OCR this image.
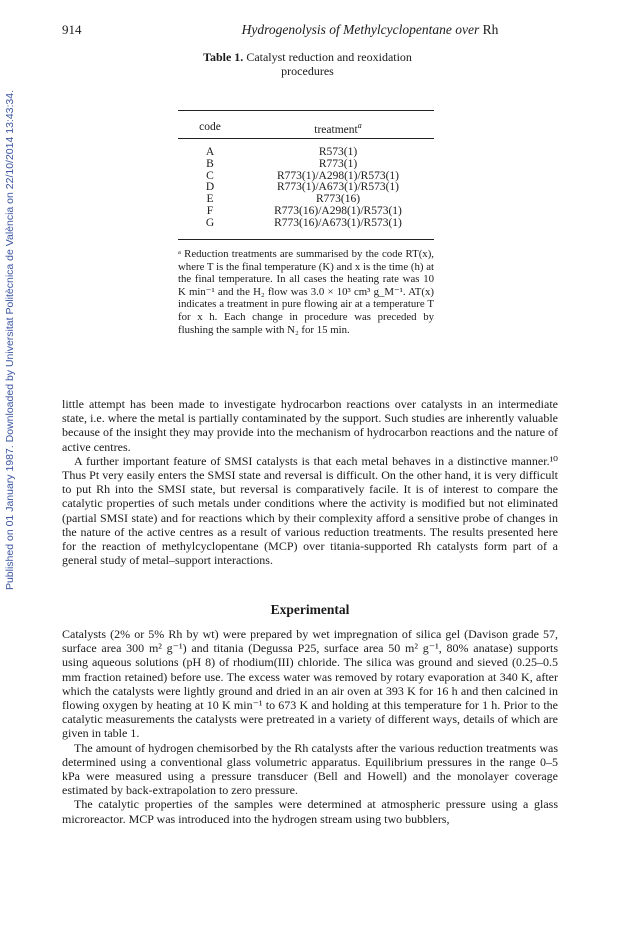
Published on 01 January 1987. Downloaded by Universitat Politècnica de València on 22/10/2014 13:43:34.
914	Hydrogenolysis of Methylcyclopentane over Rh
Table 1. Catalyst reduction and reoxidation procedures
code	treatment$^a$
A	R573(1)
B	R773(1)
C	R773(1)/A298(1)/R573(1)
D	R773(1)/A673(1)/R573(1)
E	R773(16)
F	R773(16)/A298(1)/R573(1)
G	R773(16)/A673(1)/R573(1)
ᵃ Reduction treatments are summarised by the code RT(x), where T is the final temperature (K) and x is the time (h) at the final temperature. In all cases the heating rate was 10 K min⁻¹ and the H₂ flow was 3.0 × 10³ cm³ g_M⁻¹. AT(x) indicates a treatment in pure flowing air at a temperature T for x h. Each change in procedure was preceded by flushing the sample with N₂ for 15 min.

little attempt has been made to investigate hydrocarbon reactions over catalysts in an intermediate state, i.e. where the metal is partially contaminated by the support. Such studies are inherently valuable because of the insight they may provide into the mechanism of hydrocarbon reactions and the nature of active centres.

A further important feature of SMSI catalysts is that each metal behaves in a distinctive manner.¹⁰ Thus Pt very easily enters the SMSI state and reversal is difficult. On the other hand, it is very difficult to put Rh into the SMSI state, but reversal is comparatively facile. It is of interest to compare the catalytic properties of such metals under conditions where the activity is modified but not eliminated (partial SMSI state) and for reactions which by their complexity afford a sensitive probe of changes in the nature of the active centres as a result of various reduction treatments. The results presented here for the reaction of methylcyclopentane (MCP) over titania-supported Rh catalysts form part of a general study of metal–support interactions.

Experimental

Catalysts (2% or 5% Rh by wt) were prepared by wet impregnation of silica gel (Davison grade 57, surface area 300 m² g⁻¹) and titania (Degussa P25, surface area 50 m² g⁻¹, 80% anatase) supports using aqueous solutions (pH 8) of rhodium(III) chloride. The silica was ground and sieved (0.25–0.5 mm fraction retained) before use. The excess water was removed by rotary evaporation at 340 K, after which the catalysts were lightly ground and dried in an air oven at 393 K for 16 h and then calcined in flowing oxygen by heating at 10 K min⁻¹ to 673 K and holding at this temperature for 1 h. Prior to the catalytic measurements the catalysts were pretreated in a variety of different ways, details of which are given in table 1.

The amount of hydrogen chemisorbed by the Rh catalysts after the various reduction treatments was determined using a conventional glass volumetric apparatus. Equilibrium pressures in the range 0–5 kPa were measured using a pressure transducer (Bell and Howell) and the monolayer coverage estimated by back-extrapolation to zero pressure.

The catalytic properties of the samples were determined at atmospheric pressure using a glass microreactor. MCP was introduced into the hydrogen stream using two bubblers,
